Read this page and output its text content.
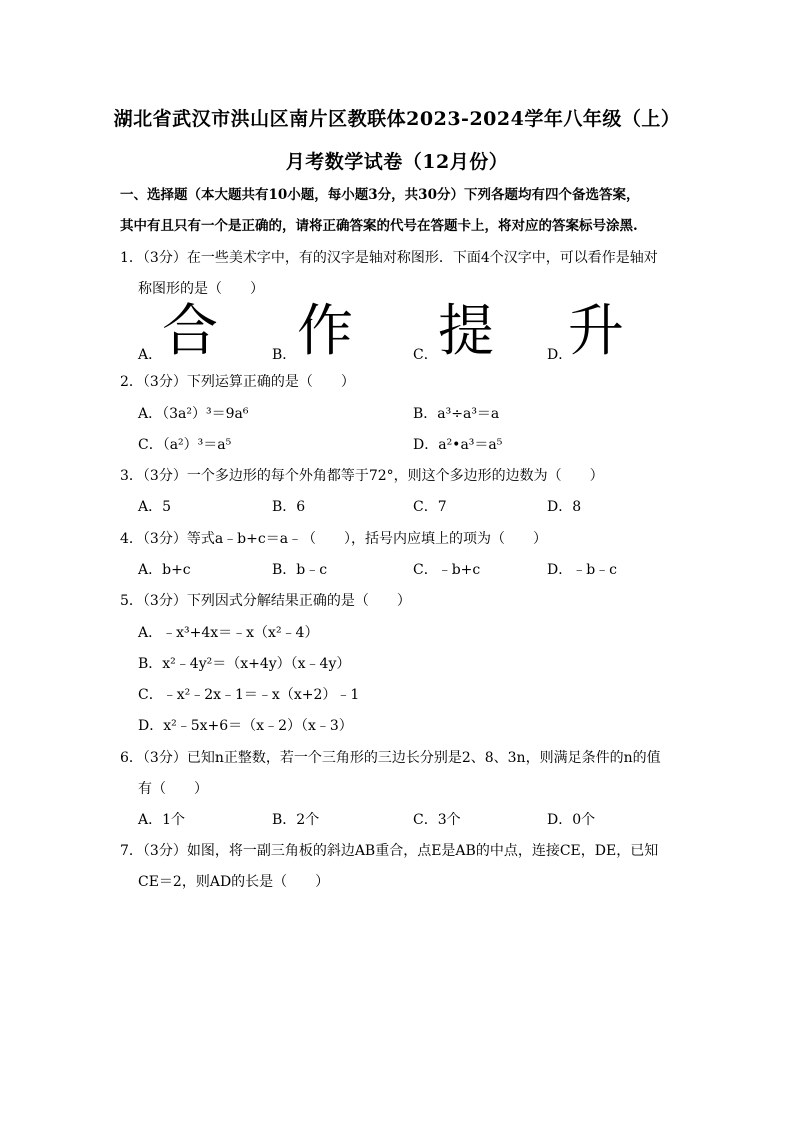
湖北省武汉市洪山区南片区教联体2023-2024学年八年级（上）
月考数学试卷（12月份）
一、选择题（本大题共有10小题，每小题3分，共30分）下列各题均有四个备选答案，
其中有且只有一个是正确的，请将正确答案的代号在答题卡上，将对应的答案标号涂黑.
1．（3分）在一些美术字中，有的汉字是轴对称图形．下面4个汉字中，可以看作是轴对
称图形的是（　　）
A． 合	B． 作	C． 提	D．
升
2．（3分）下列运算正确的是（　　）
A．（3a²）³＝9a⁶	B．a³÷a³＝a
C．（a²）³＝a⁵	D．a²•a³＝a⁵
3．（3分）一个多边形的每个外角都等于72°，则这个多边形的边数为（　　）
A．5	B．6	C．7	D．8
4．（3分）等式a﹣b+c＝a﹣（　　），括号内应填上的项为（　　）
A．b+c	B．b﹣c	C．﹣b+c	D．﹣b﹣c
5．（3分）下列因式分解结果正确的是（　　）
A．﹣x³+4x＝﹣x（x²﹣4）
B．x²﹣4y²＝（x+4y）（x﹣4y）
C．﹣x²﹣2x﹣1＝﹣x（x+2）﹣1
D．x²﹣5x+6＝（x﹣2）（x﹣3）
6．（3分）已知n正整数，若一个三角形的三边长分别是2、8、3n，则满足条件的n的值
有（　　）
A．1个	B．2个	C．3个	D．0个
7．（3分）如图，将一副三角板的斜边AB重合，点E是AB的中点，连接CE，DE，已知
CE＝2，则AD的长是（　　）
